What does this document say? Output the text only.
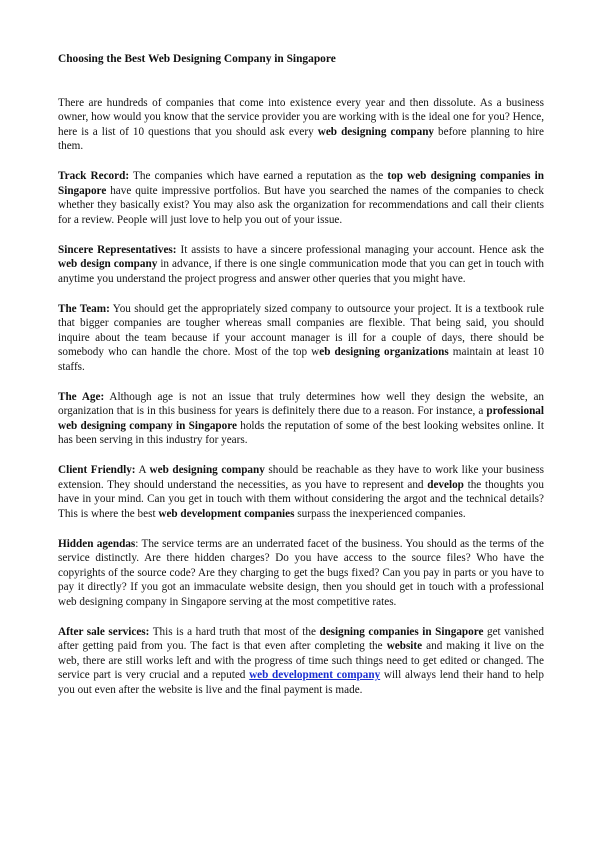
Choosing the Best Web Designing Company in Singapore

There are hundreds of companies that come into existence every year and then dissolute. As a business owner, how would you know that the service provider you are working with is the ideal one for you? Hence, here is a list of 10 questions that you should ask every web designing company before planning to hire them.

Track Record: The companies which have earned a reputation as the top web designing companies in Singapore have quite impressive portfolios. But have you searched the names of the companies to check whether they basically exist? You may also ask the organization for recommendations and call their clients for a review. People will just love to help you out of your issue.

Sincere Representatives: It assists to have a sincere professional managing your account. Hence ask the web design company in advance, if there is one single communication mode that you can get in touch with anytime you understand the project progress and answer other queries that you might have.

The Team: You should get the appropriately sized company to outsource your project. It is a textbook rule that bigger companies are tougher whereas small companies are flexible. That being said, you should inquire about the team because if your account manager is ill for a couple of days, there should be somebody who can handle the chore. Most of the top web designing organizations maintain at least 10 staffs.

The Age: Although age is not an issue that truly determines how well they design the website, an organization that is in this business for years is definitely there due to a reason. For instance, a professional web designing company in Singapore holds the reputation of some of the best looking websites online. It has been serving in this industry for years.

Client Friendly: A web designing company should be reachable as they have to work like your business extension. They should understand the necessities, as you have to represent and develop the thoughts you have in your mind. Can you get in touch with them without considering the argot and the technical details? This is where the best web development companies surpass the inexperienced companies.

Hidden agendas: The service terms are an underrated facet of the business. You should as the terms of the service distinctly. Are there hidden charges? Do you have access to the source files? Who have the copyrights of the source code? Are they charging to get the bugs fixed? Can you pay in parts or you have to pay it directly? If you got an immaculate website design, then you should get in touch with a professional web designing company in Singapore serving at the most competitive rates.

After sale services: This is a hard truth that most of the designing companies in Singapore get vanished after getting paid from you. The fact is that even after completing the website and making it live on the web, there are still works left and with the progress of time such things need to get edited or changed. The service part is very crucial and a reputed web development company will always lend their hand to help you out even after the website is live and the final payment is made.
